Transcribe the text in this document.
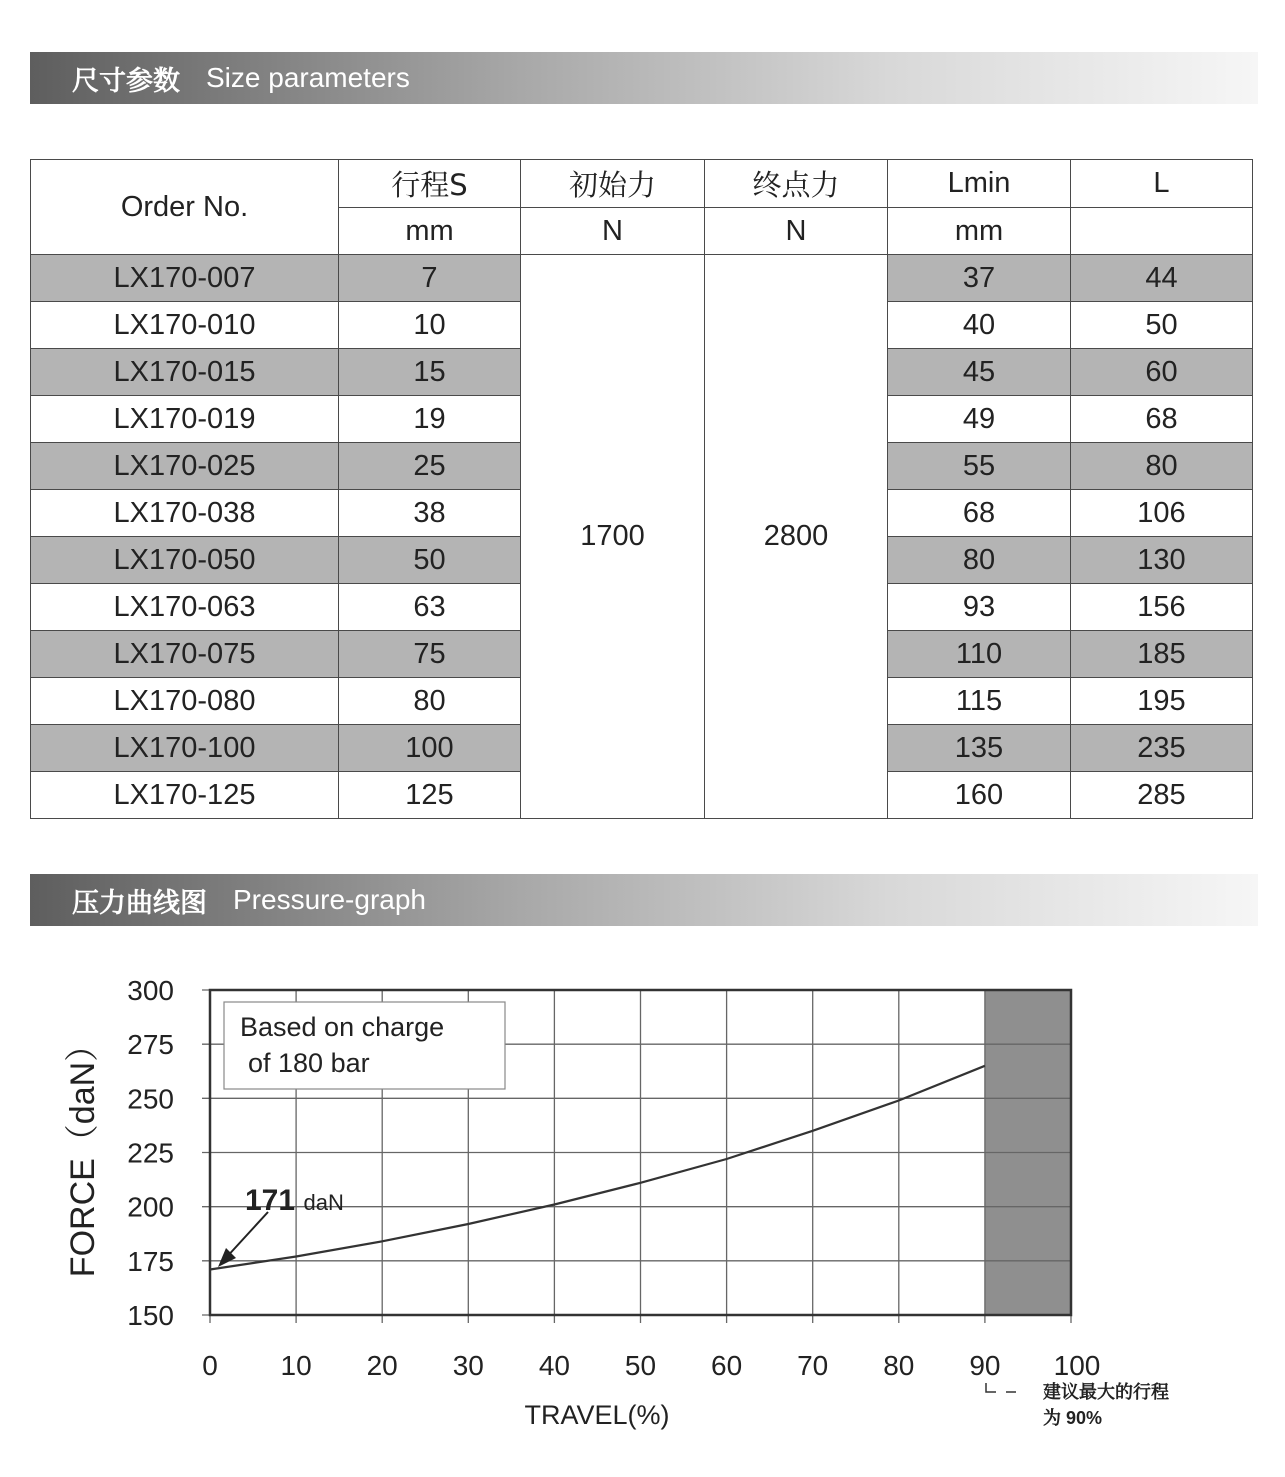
尺寸参数 Size parameters
Order No.	行程S	初始力	终点力	Lmin	L
	mm	N	N	mm	
LX170-007	7	1700	2800	37	44
LX170-010	10			40	50
LX170-015	15			45	60
LX170-019	19			49	68
LX170-025	25			55	80
LX170-038	38			68	106
LX170-050	50			80	130
LX170-063	63			93	156
LX170-075	75			110	185
LX170-080	80			115	195
LX170-100	100			135	235
LX170-125	125			160	285
压力曲线图 Pressure-graph
150
175
200
225
250
275
300
0 10 20 30 40 50 60 70 80 90 100
Based on charge
of 180 bar
171 daN
FORCE（daN）
TRAVEL(%)
建议最大的行程
为 90%
